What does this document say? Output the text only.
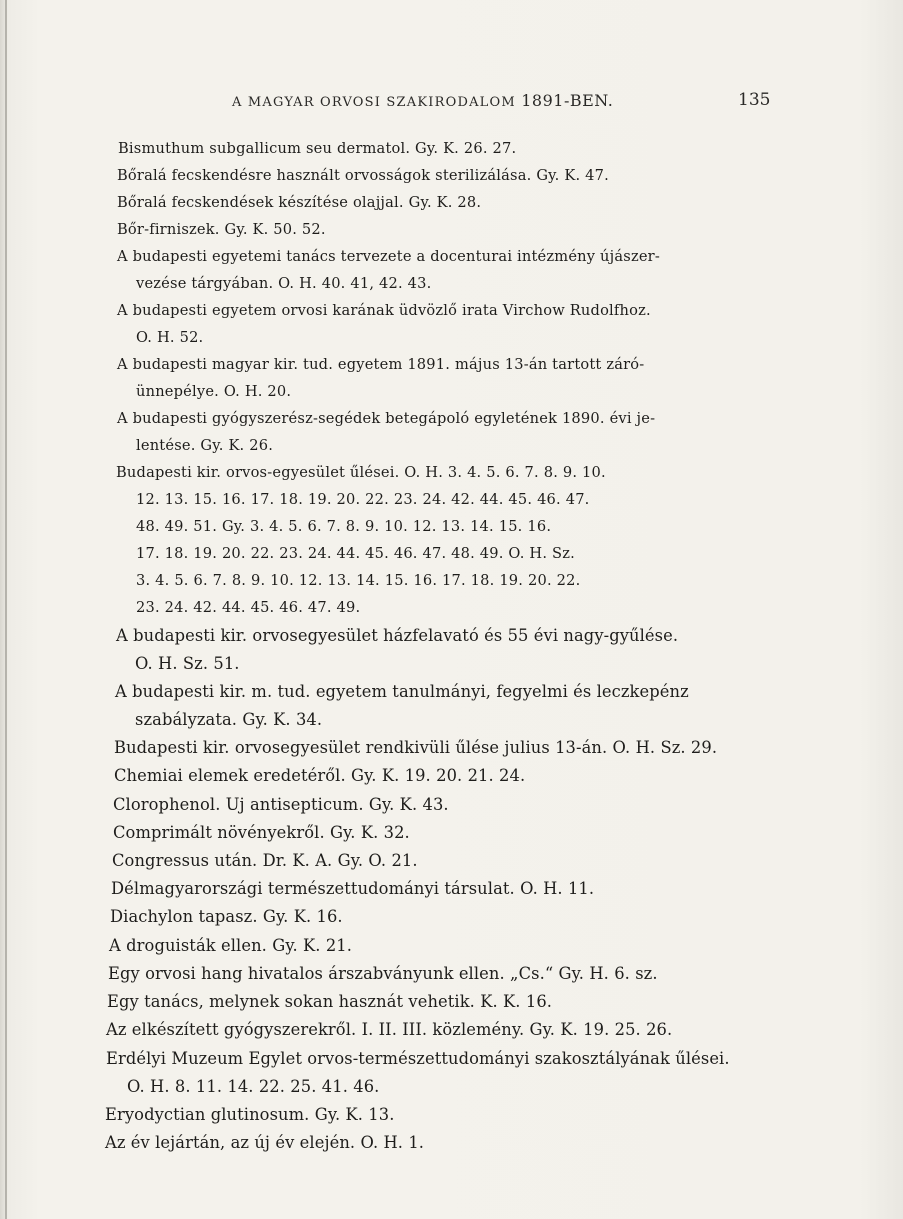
A MAGYAR ORVOSI SZAKIRODALOM 1891-BEN.	135
Bismuthum subgallicum seu dermatol. Gy. K. 26. 27.
Bőralá fecskendésre használt orvosságok sterilizálása. Gy. K. 47.
Bőralá fecskendések készítése olajjal. Gy. K. 28.
Bőr-firniszek. Gy. K. 50. 52.
A budapesti egyetemi tanács tervezete a docenturai intézmény újászer-
vezése tárgyában. O. H. 40. 41, 42. 43.
A budapesti egyetem orvosi karának üdvözlő irata Virchow Rudolfhoz.
O. H. 52.
A budapesti magyar kir. tud. egyetem 1891. május 13-án tartott záró-
ünnepélye. O. H. 20.
A budapesti gyógyszerész-segédek betegápoló egyletének 1890. évi je-
lentése. Gy. K. 26.
Budapesti kir. orvos-egyesület űlései. O. H. 3. 4. 5. 6. 7. 8. 9. 10.
12. 13. 15. 16. 17. 18. 19. 20. 22. 23. 24. 42. 44. 45. 46. 47.
48. 49. 51. Gy. 3. 4. 5. 6. 7. 8. 9. 10. 12. 13. 14. 15. 16.
17. 18. 19. 20. 22. 23. 24. 44. 45. 46. 47. 48. 49. O. H. Sz.
3. 4. 5. 6. 7. 8. 9. 10. 12. 13. 14. 15. 16. 17. 18. 19. 20. 22.
23. 24. 42. 44. 45. 46. 47. 49.
A budapesti kir. orvosegyesület házfelavató és 55 évi nagy-gyűlése.
O. H. Sz. 51.
A budapesti kir. m. tud. egyetem tanulmányi, fegyelmi és leczkepénz
szabályzata. Gy. K. 34.
Budapesti kir. orvosegyesület rendkivüli űlése julius 13-án. O. H. Sz. 29.
Chemiai elemek eredetéről. Gy. K. 19. 20. 21. 24.
Clorophenol. Uj antisepticum. Gy. K. 43.
Comprimált növényekről. Gy. K. 32.
Congressus után. Dr. K. A. Gy. O. 21.
Délmagyarországi természettudományi társulat. O. H. 11.
Diachylon tapasz. Gy. K. 16.
A droguisták ellen. Gy. K. 21.
Egy orvosi hang hivatalos árszabványunk ellen. „Cs.“ Gy. H. 6. sz.
Egy tanács, melynek sokan hasznát vehetik. K. K. 16.
Az elkészített gyógyszerekről. I. II. III. közlemény. Gy. K. 19. 25. 26.
Erdélyi Muzeum Egylet orvos-természettudományi szakosztályának űlései.
O. H. 8. 11. 14. 22. 25. 41. 46.
Eryodyctian glutinosum. Gy. K. 13.
Az év lejártán, az új év elején. O. H. 1.
